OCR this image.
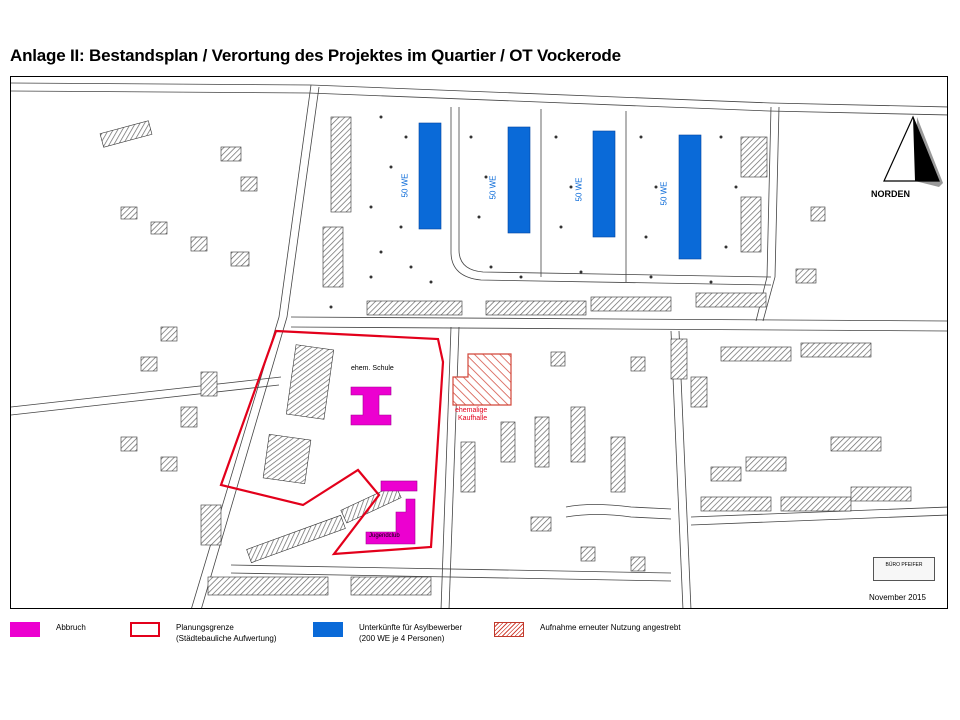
Anlage II: Bestandsplan / Verortung des Projektes im Quartier / OT Vockerode
50 WE	50 WE	50 WE	50 WE
ehem. Schule
ehemalige
Kaufhalle
Jugendclub
NORDEN
BÜRO PFEIFER
November 2015
Abbruch	Planungsgrenze
(Städtebauliche Aufwertung)
Unterkünfte für Asylbewerber
(200 WE je 4 Personen)
Aufnahme erneuter Nutzung angestrebt
